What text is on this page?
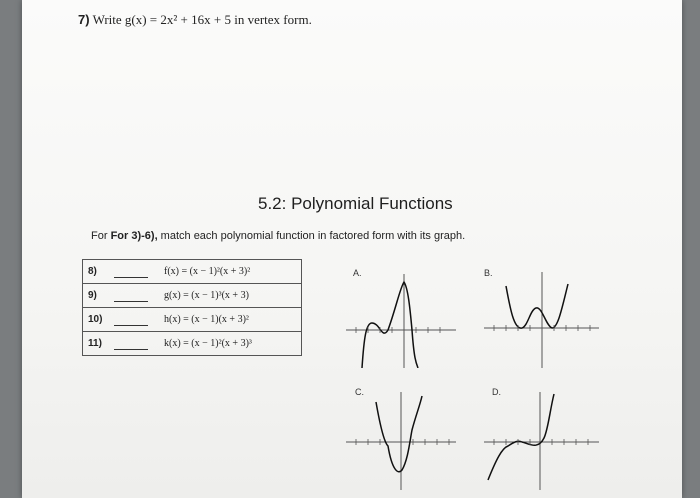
7) Write g(x) = 2x² + 16x + 5 in vertex form.
5.2: Polynomial Functions
For For 3)-6), match each polynomial function in factored form with its graph.
8)	f(x) = (x − 1)²(x + 3)²

9)	g(x) = (x − 1)³(x + 3)

10)	h(x) = (x − 1)(x + 3)²

11)	k(x) = (x − 1)²(x + 3)³
A.	B.
C.	D.
